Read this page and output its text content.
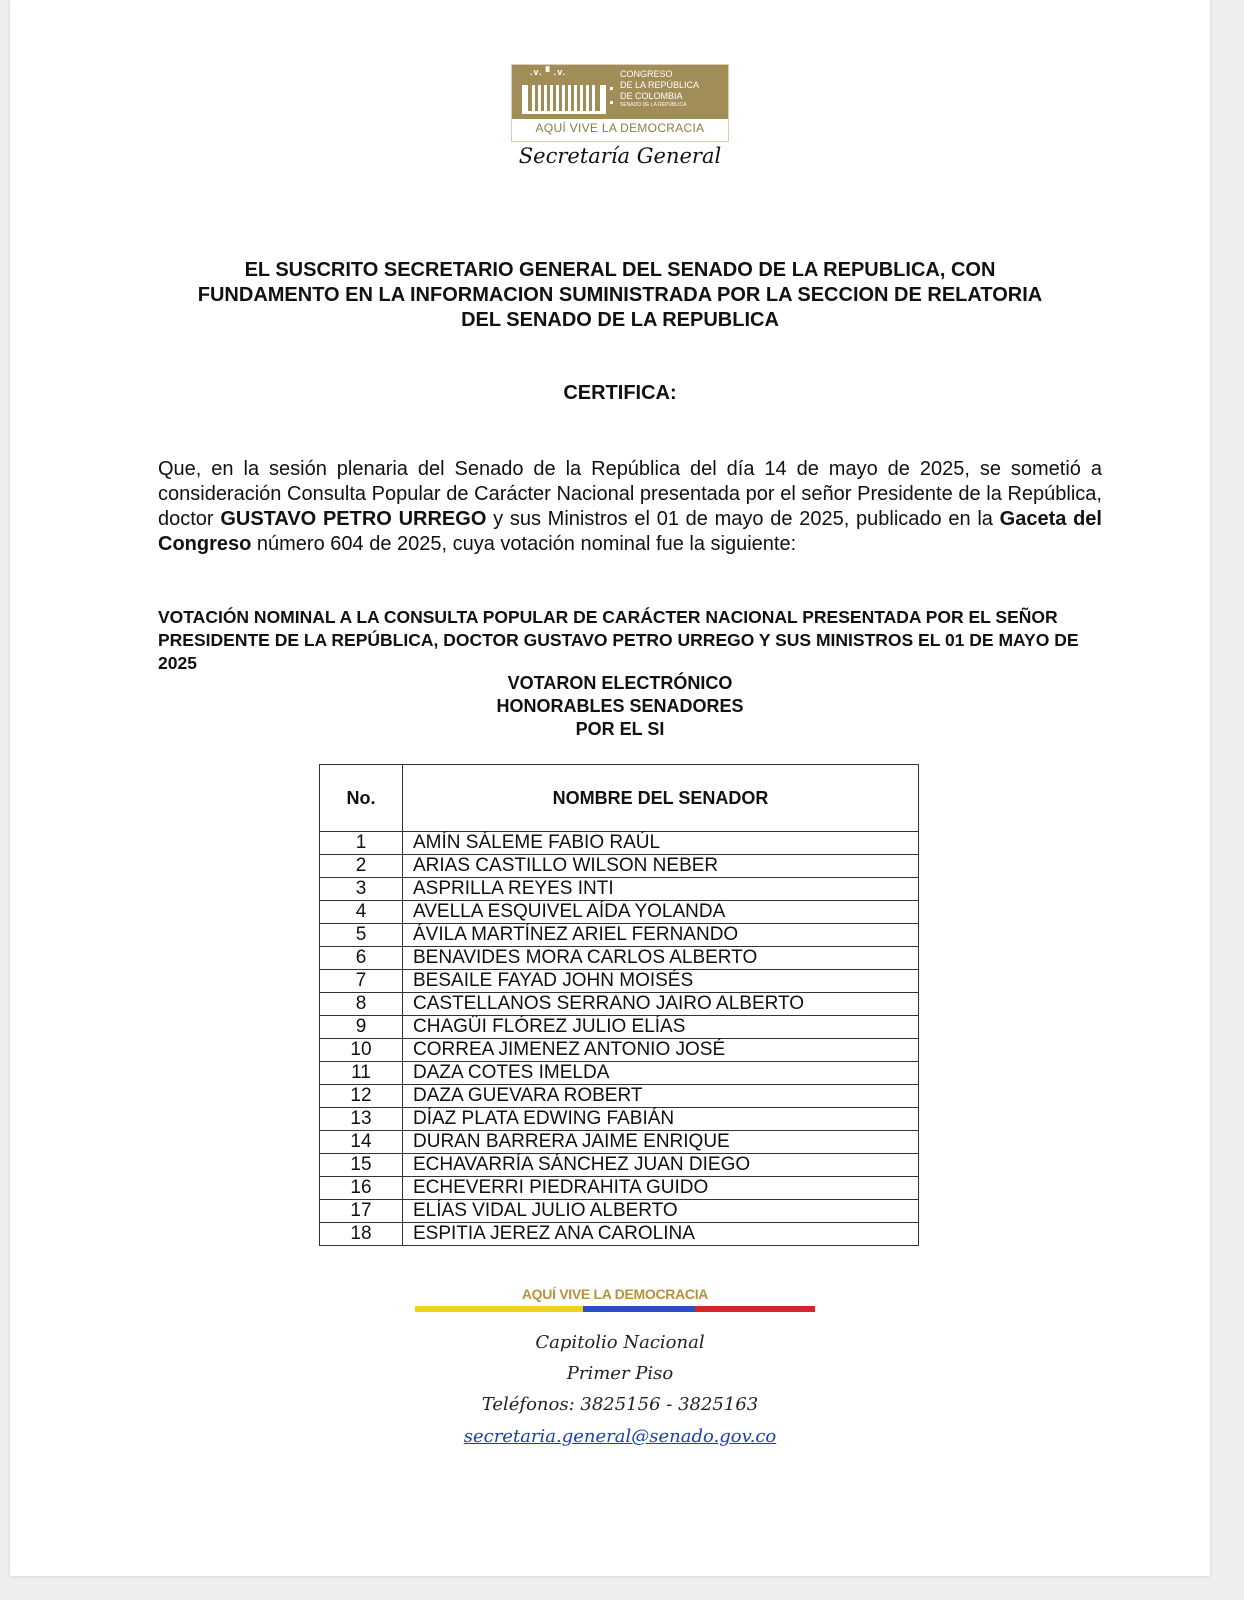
.v. ▘.v.	CONGRESO
DE LA REPÚBLICA
DE COLOMBIA
SENADO DE LA REPÚBLICA
AQUÍ VIVE LA DEMOCRACIA
Secretaría General
EL SUSCRITO SECRETARIO GENERAL DEL SENADO DE LA REPUBLICA, CON
FUNDAMENTO EN LA INFORMACION SUMINISTRADA POR LA SECCION DE RELATORIA
DEL SENADO DE LA REPUBLICA
CERTIFICA:
Que, en la sesión plenaria del Senado de la República del día 14 de mayo de 2025, se sometió a consideración Consulta Popular de Carácter Nacional presentada por el señor Presidente de la República, doctor GUSTAVO PETRO URREGO y sus Ministros el 01 de mayo de 2025, publicado en la Gaceta del Congreso número 604 de 2025, cuya votación nominal fue la siguiente:
VOTACIÓN NOMINAL A LA CONSULTA POPULAR DE CARÁCTER NACIONAL PRESENTADA POR EL SEÑOR PRESIDENTE DE LA REPÚBLICA, DOCTOR GUSTAVO PETRO URREGO Y SUS MINISTROS EL 01 DE MAYO DE 2025
VOTARON ELECTRÓNICO
HONORABLES SENADORES
POR EL SI
No.	NOMBRE DEL SENADOR
1	AMÍN SÁLEME FABIO RAÚL
2	ARIAS CASTILLO WILSON NEBER
3	ASPRILLA REYES INTI
4	AVELLA ESQUIVEL AÍDA YOLANDA
5	ÁVILA MARTÍNEZ ARIEL FERNANDO
6	BENAVIDES MORA CARLOS ALBERTO
7	BESAILE FAYAD JOHN MOISÉS
8	CASTELLANOS SERRANO JAIRO ALBERTO
9	CHAGÜI FLÓREZ JULIO ELÍAS
10	CORREA JIMENEZ ANTONIO JOSÉ
11	DAZA COTES IMELDA
12	DAZA GUEVARA ROBERT
13	DÍAZ PLATA EDWING FABIÁN
14	DURAN BARRERA JAIME ENRIQUE
15	ECHAVARRÍA SÁNCHEZ JUAN DIEGO
16	ECHEVERRI PIEDRAHITA GUIDO
17	ELÍAS VIDAL JULIO ALBERTO
18	ESPITIA JEREZ ANA CAROLINA
AQUÍ VIVE LA DEMOCRACIA
Capitolio Nacional
Primer Piso
Teléfonos: 3825156 - 3825163
secretaria.general@senado.gov.co
